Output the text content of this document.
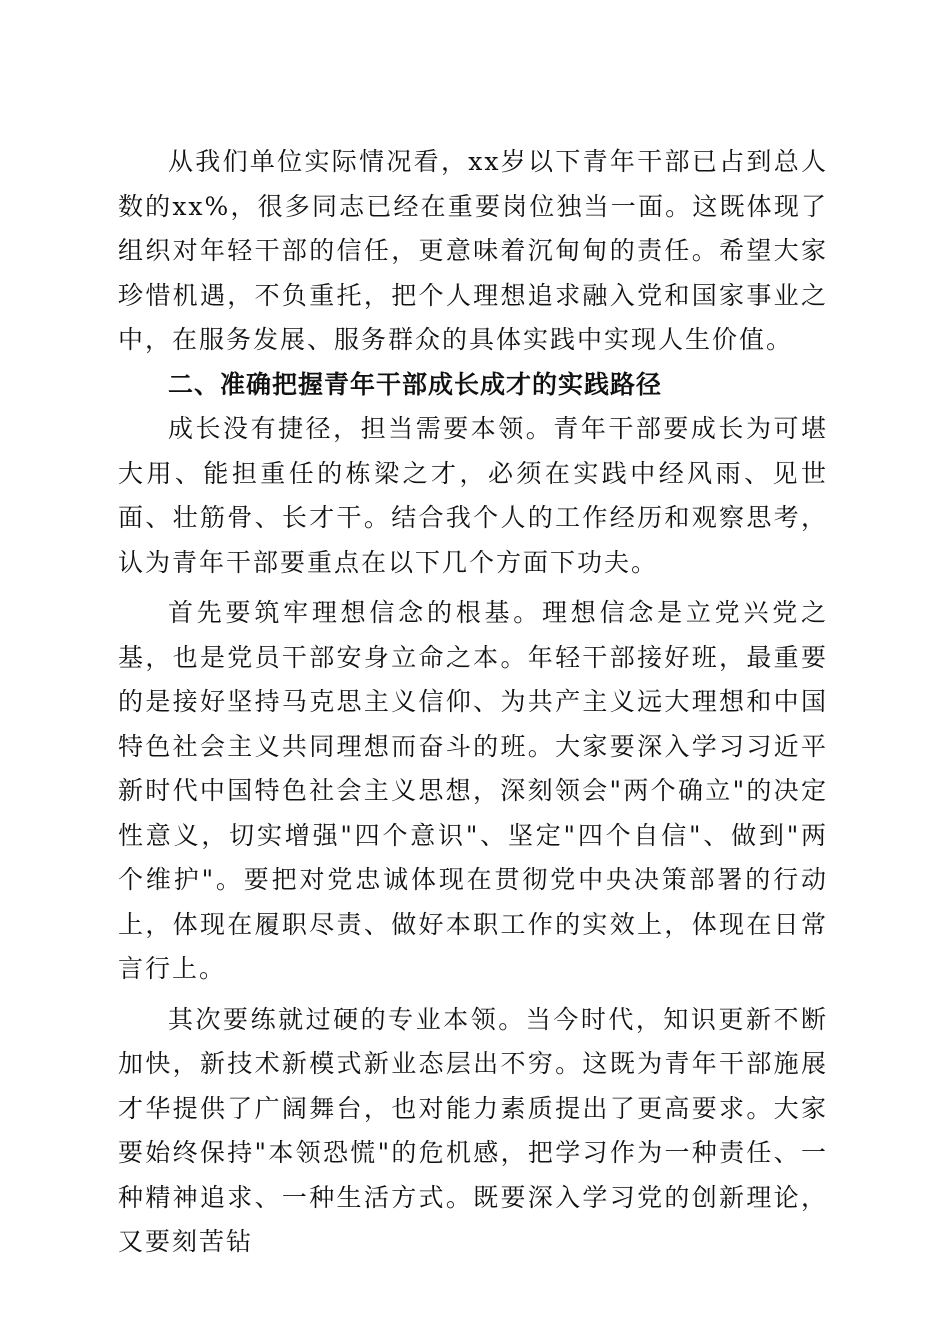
从我们单位实际情况看，xx岁以下青年干部已占到总人数的xx%，很多同志已经在重要岗位独当一面。这既体现了组织对年轻干部的信任，更意味着沉甸甸的责任。希望大家珍惜机遇，不负重托，把个人理想追求融入党和国家事业之中，在服务发展、服务群众的具体实践中实现人生价值。

二、准确把握青年干部成长成才的实践路径

成长没有捷径，担当需要本领。青年干部要成长为可堪大用、能担重任的栋梁之才，必须在实践中经风雨、见世面、壮筋骨、长才干。结合我个人的工作经历和观察思考，认为青年干部要重点在以下几个方面下功夫。

首先要筑牢理想信念的根基。理想信念是立党兴党之基，也是党员干部安身立命之本。年轻干部接好班，最重要的是接好坚持马克思主义信仰、为共产主义远大理想和中国特色社会主义共同理想而奋斗的班。大家要深入学习习近平新时代中国特色社会主义思想，深刻领会"两个确立"的决定性意义，切实增强"四个意识"、坚定"四个自信"、做到"两个维护"。要把对党忠诚体现在贯彻党中央决策部署的行动上，体现在履职尽责、做好本职工作的实效上，体现在日常言行上。

其次要练就过硬的专业本领。当今时代，知识更新不断加快，新技术新模式新业态层出不穷。这既为青年干部施展才华提供了广阔舞台，也对能力素质提出了更高要求。大家要始终保持"本领恐慌"的危机感，把学习作为一种责任、一种精神追求、一种生活方式。既要深入学习党的创新理论，又要刻苦钻
